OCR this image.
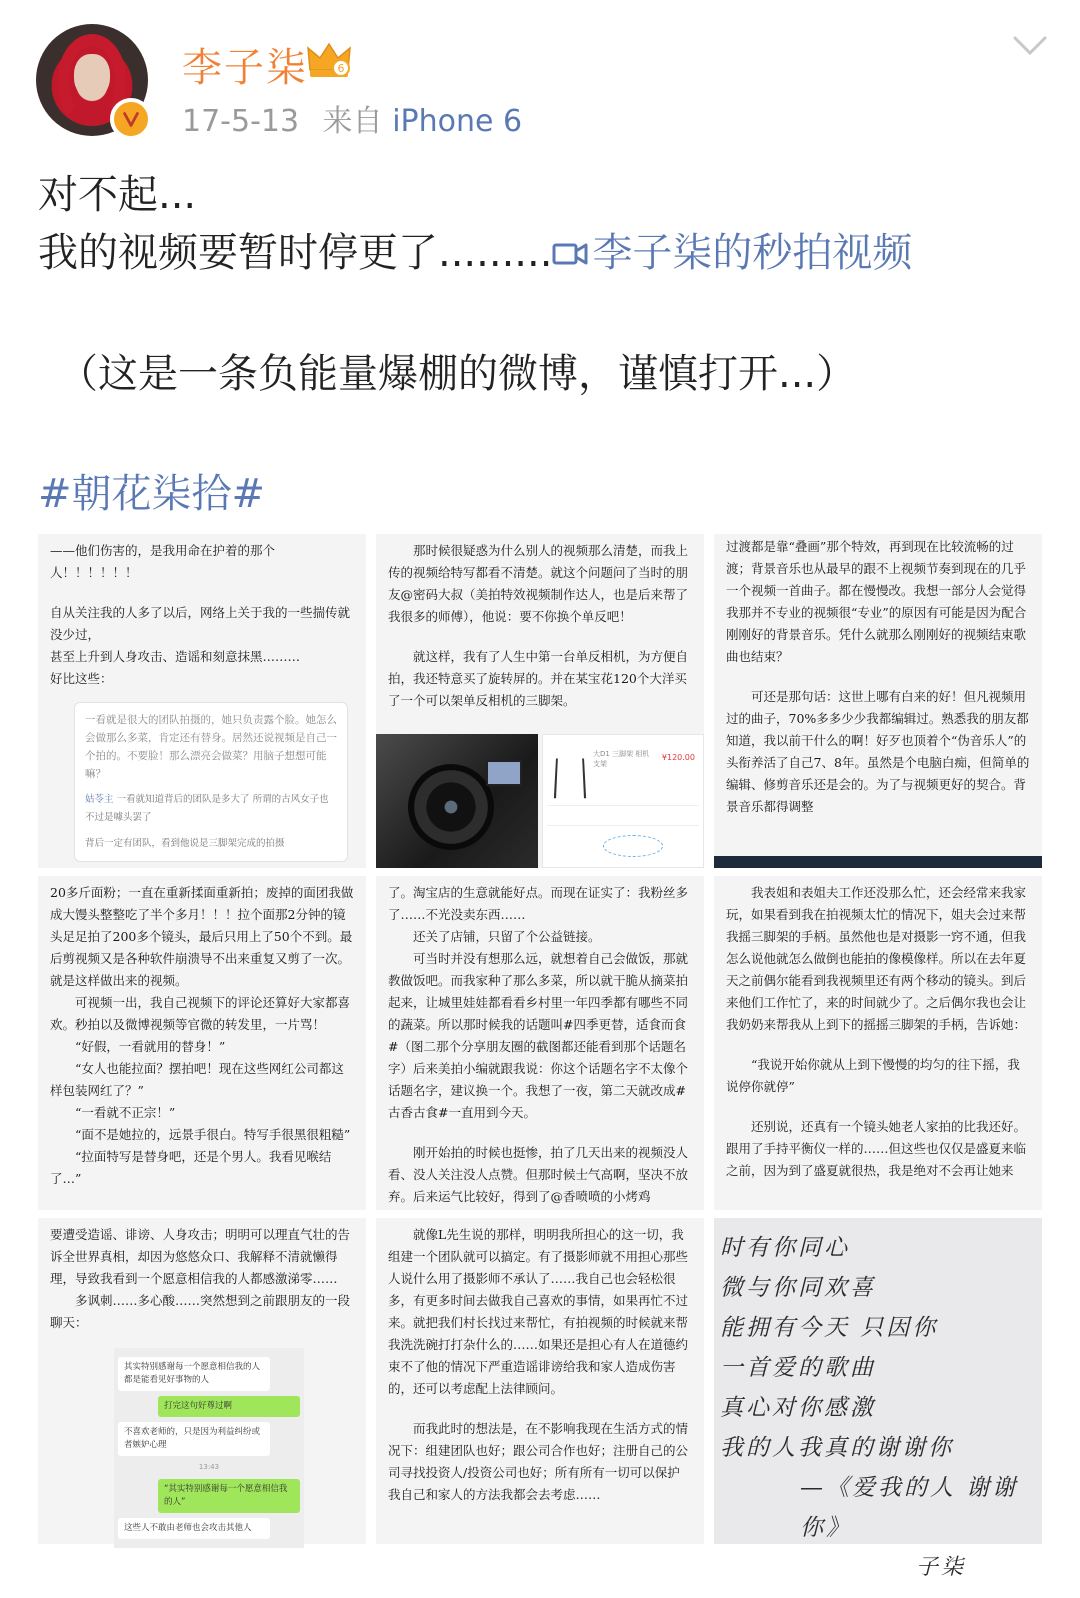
李子柒	6
17-5-13 来自 iPhone 6
对不起...
我的视频要暂时停更了......... 李子柒的秒拍视频
（这是一条负能量爆棚的微博，谨慎打开...）
#朝花柒拾#

——他们伤害的，是我用命在护着的那个人！！！！！！

自从关注我的人多了以后，网络上关于我的一些揣传就没少过，

甚至上升到人身攻击、造谣和刻意抹黑………

好比这些：

一看就是很大的团队拍摄的，她只负责露个脸。她怎么会做那么多菜，肯定还有替身。居然还说视频是自己一个拍的。不要脸！那么漂亮会做菜？用脑子想想可能嘛？
姑苓主 一看就知道背后的团队是多大了 所谓的古风女子也不过是噱头罢了
背后一定有团队，看到他说是三脚架完成的拍摄

那时候很疑惑为什么别人的视频那么清楚，而我上传的视频给特写都看不清楚。就这个问题问了当时的朋友@密码大叔（美拍特效视频制作达人，也是后来帮了我很多的师傅），他说：要不你换个单反吧！

就这样，我有了人生中第一台单反相机，为方便自拍，我还特意买了旋转屏的。并在某宝花120个大洋买了一个可以架单反相机的三脚架。

大D1 三脚架 相机支架
¥120.00

过渡都是靠“叠画”那个特效，再到现在比较流畅的过渡；背景音乐也从最早的跟不上视频节奏到现在的几乎一个视频一首曲子。都在慢慢改。我想一部分人会觉得我那并不专业的视频很“专业”的原因有可能是因为配合刚刚好的背景音乐。凭什么就那么刚刚好的视频结束歌曲也结束？

可还是那句话：这世上哪有白来的好！但凡视频用过的曲子，70%多多少少我都编辑过。熟悉我的朋友都知道，我以前干什么的啊！好歹也顶着个“伪音乐人”的头衔养活了自己7、8年。虽然是个电脑白痴，但简单的编辑、修剪音乐还是会的。为了与视频更好的契合。背景音乐都得调整

20多斤面粉；一直在重新揉面重新拍；废掉的面团我做成大馒头整整吃了半个多月！！！拉个面那2分钟的镜头足足拍了200多个镜头，最后只用上了50个不到。最后剪视频又是各种软件崩溃导不出来重复又剪了一次。就是这样做出来的视频。

可视频一出，我自己视频下的评论还算好大家都喜欢。秒拍以及微博视频等官微的转发里，一片骂！

“好假，一看就用的替身！”

“女人也能拉面？摆拍吧！现在这些网红公司都这样包装网红了？”

“一看就不正宗！”

“面不是她拉的，远景手很白。特写手很黑很粗糙”

“拉面特写是替身吧，还是个男人。我看见喉结了…”

了。淘宝店的生意就能好点。而现在证实了：我粉丝多了……不光没卖东西……

还关了店铺，只留了个公益链接。

可当时并没有想那么远，就想着自己会做饭，那就教做饭吧。而我家种了那么多菜，所以就干脆从摘菜拍起来，让城里娃娃都看看乡村里一年四季都有哪些不同的蔬菜。所以那时候我的话题叫#四季更替，适食而食#（图二那个分享朋友圈的截图都还能看到那个话题名字）后来美拍小编就跟我说：你这个话题名字不太像个话题名字，建议换一个。我想了一夜，第二天就改成#古香古食#一直用到今天。

刚开始拍的时候也挺惨，拍了几天出来的视频没人看、没人关注没人点赞。但那时候士气高啊，坚决不放弃。后来运气比较好，得到了@香喷喷的小烤鸡

我表姐和表姐夫工作还没那么忙，还会经常来我家玩，如果看到我在拍视频太忙的情况下，姐夫会过来帮我摇三脚架的手柄。虽然他也是对摄影一窍不通，但我怎么说他就怎么做倒也能拍的像模像样。所以在去年夏天之前偶尔能看到我视频里还有两个移动的镜头。到后来他们工作忙了，来的时间就少了。之后偶尔我也会让我奶奶来帮我从上到下的摇摇三脚架的手柄，告诉她：

“我说开始你就从上到下慢慢的均匀的往下摇，我说停你就停”

还别说，还真有一个镜头她老人家拍的比我还好。跟用了手持平衡仪一样的……但这些也仅仅是盛夏来临之前，因为到了盛夏就很热，我是绝对不会再让她来

要遭受造谣、诽谤、人身攻击；明明可以理直气壮的告诉全世界真相，却因为悠悠众口、我解释不清就懒得理，导致我看到一个愿意相信我的人都感激涕零……

多讽刺……多心酸……突然想到之前跟朋友的一段聊天：

其实特别感谢每一个愿意相信我的人 都是能看见好事物的人
打完这句好尊过啊
不喜欢老师的，只是因为利益纠纷或者嫉妒心理
13:43
“其实特别感谢每一个愿意相信我的人”
这些人不敢由老师也会攻击其他人

就像L先生说的那样，明明我所担心的这一切，我组建一个团队就可以搞定。有了摄影师就不用担心那些人说什么用了摄影师不承认了……我自己也会轻松很多，有更多时间去做我自己喜欢的事情，如果再忙不过来。就把我们村长找过来帮忙，有拍视频的时候就来帮我洗洗碗打打杂什么的……如果还是担心有人在道德约束不了他的情况下严重造谣诽谤给我和家人造成伤害的，还可以考虑配上法律顾问。

而我此时的想法是，在不影响我现在生活方式的情况下：组建团队也好；跟公司合作也好；注册自己的公司寻找投资人/投资公司也好；所有所有一切可以保护我自己和家人的方法我都会去考虑……

时有你同心
微与你同欢喜
能拥有今天 只因你
一首爱的歌曲
真心对你感激
我的人我真的谢谢你
—《爱我的人 谢谢你》
子柒
